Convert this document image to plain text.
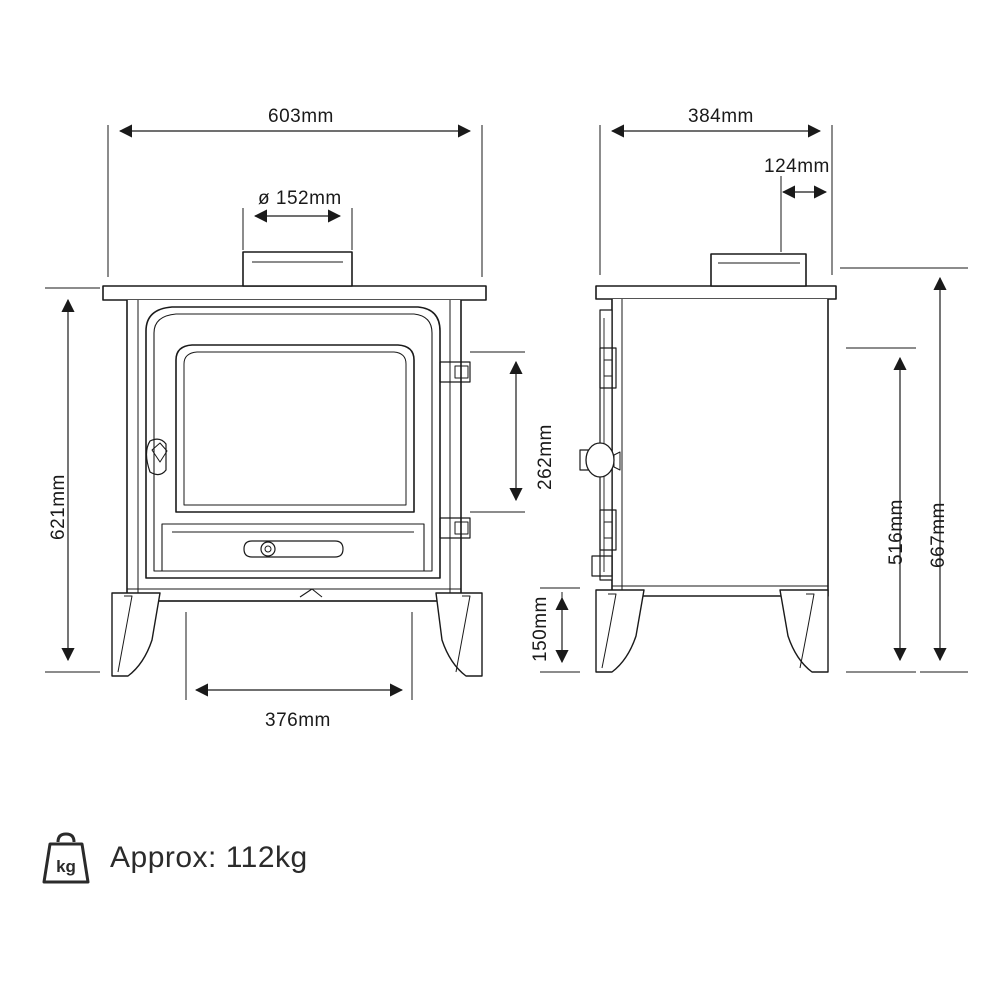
603mm
ø 152mm
621mm
262mm
376mm
384mm
124mm
516mm 667mm
150mm
kg Approx: 112kg
